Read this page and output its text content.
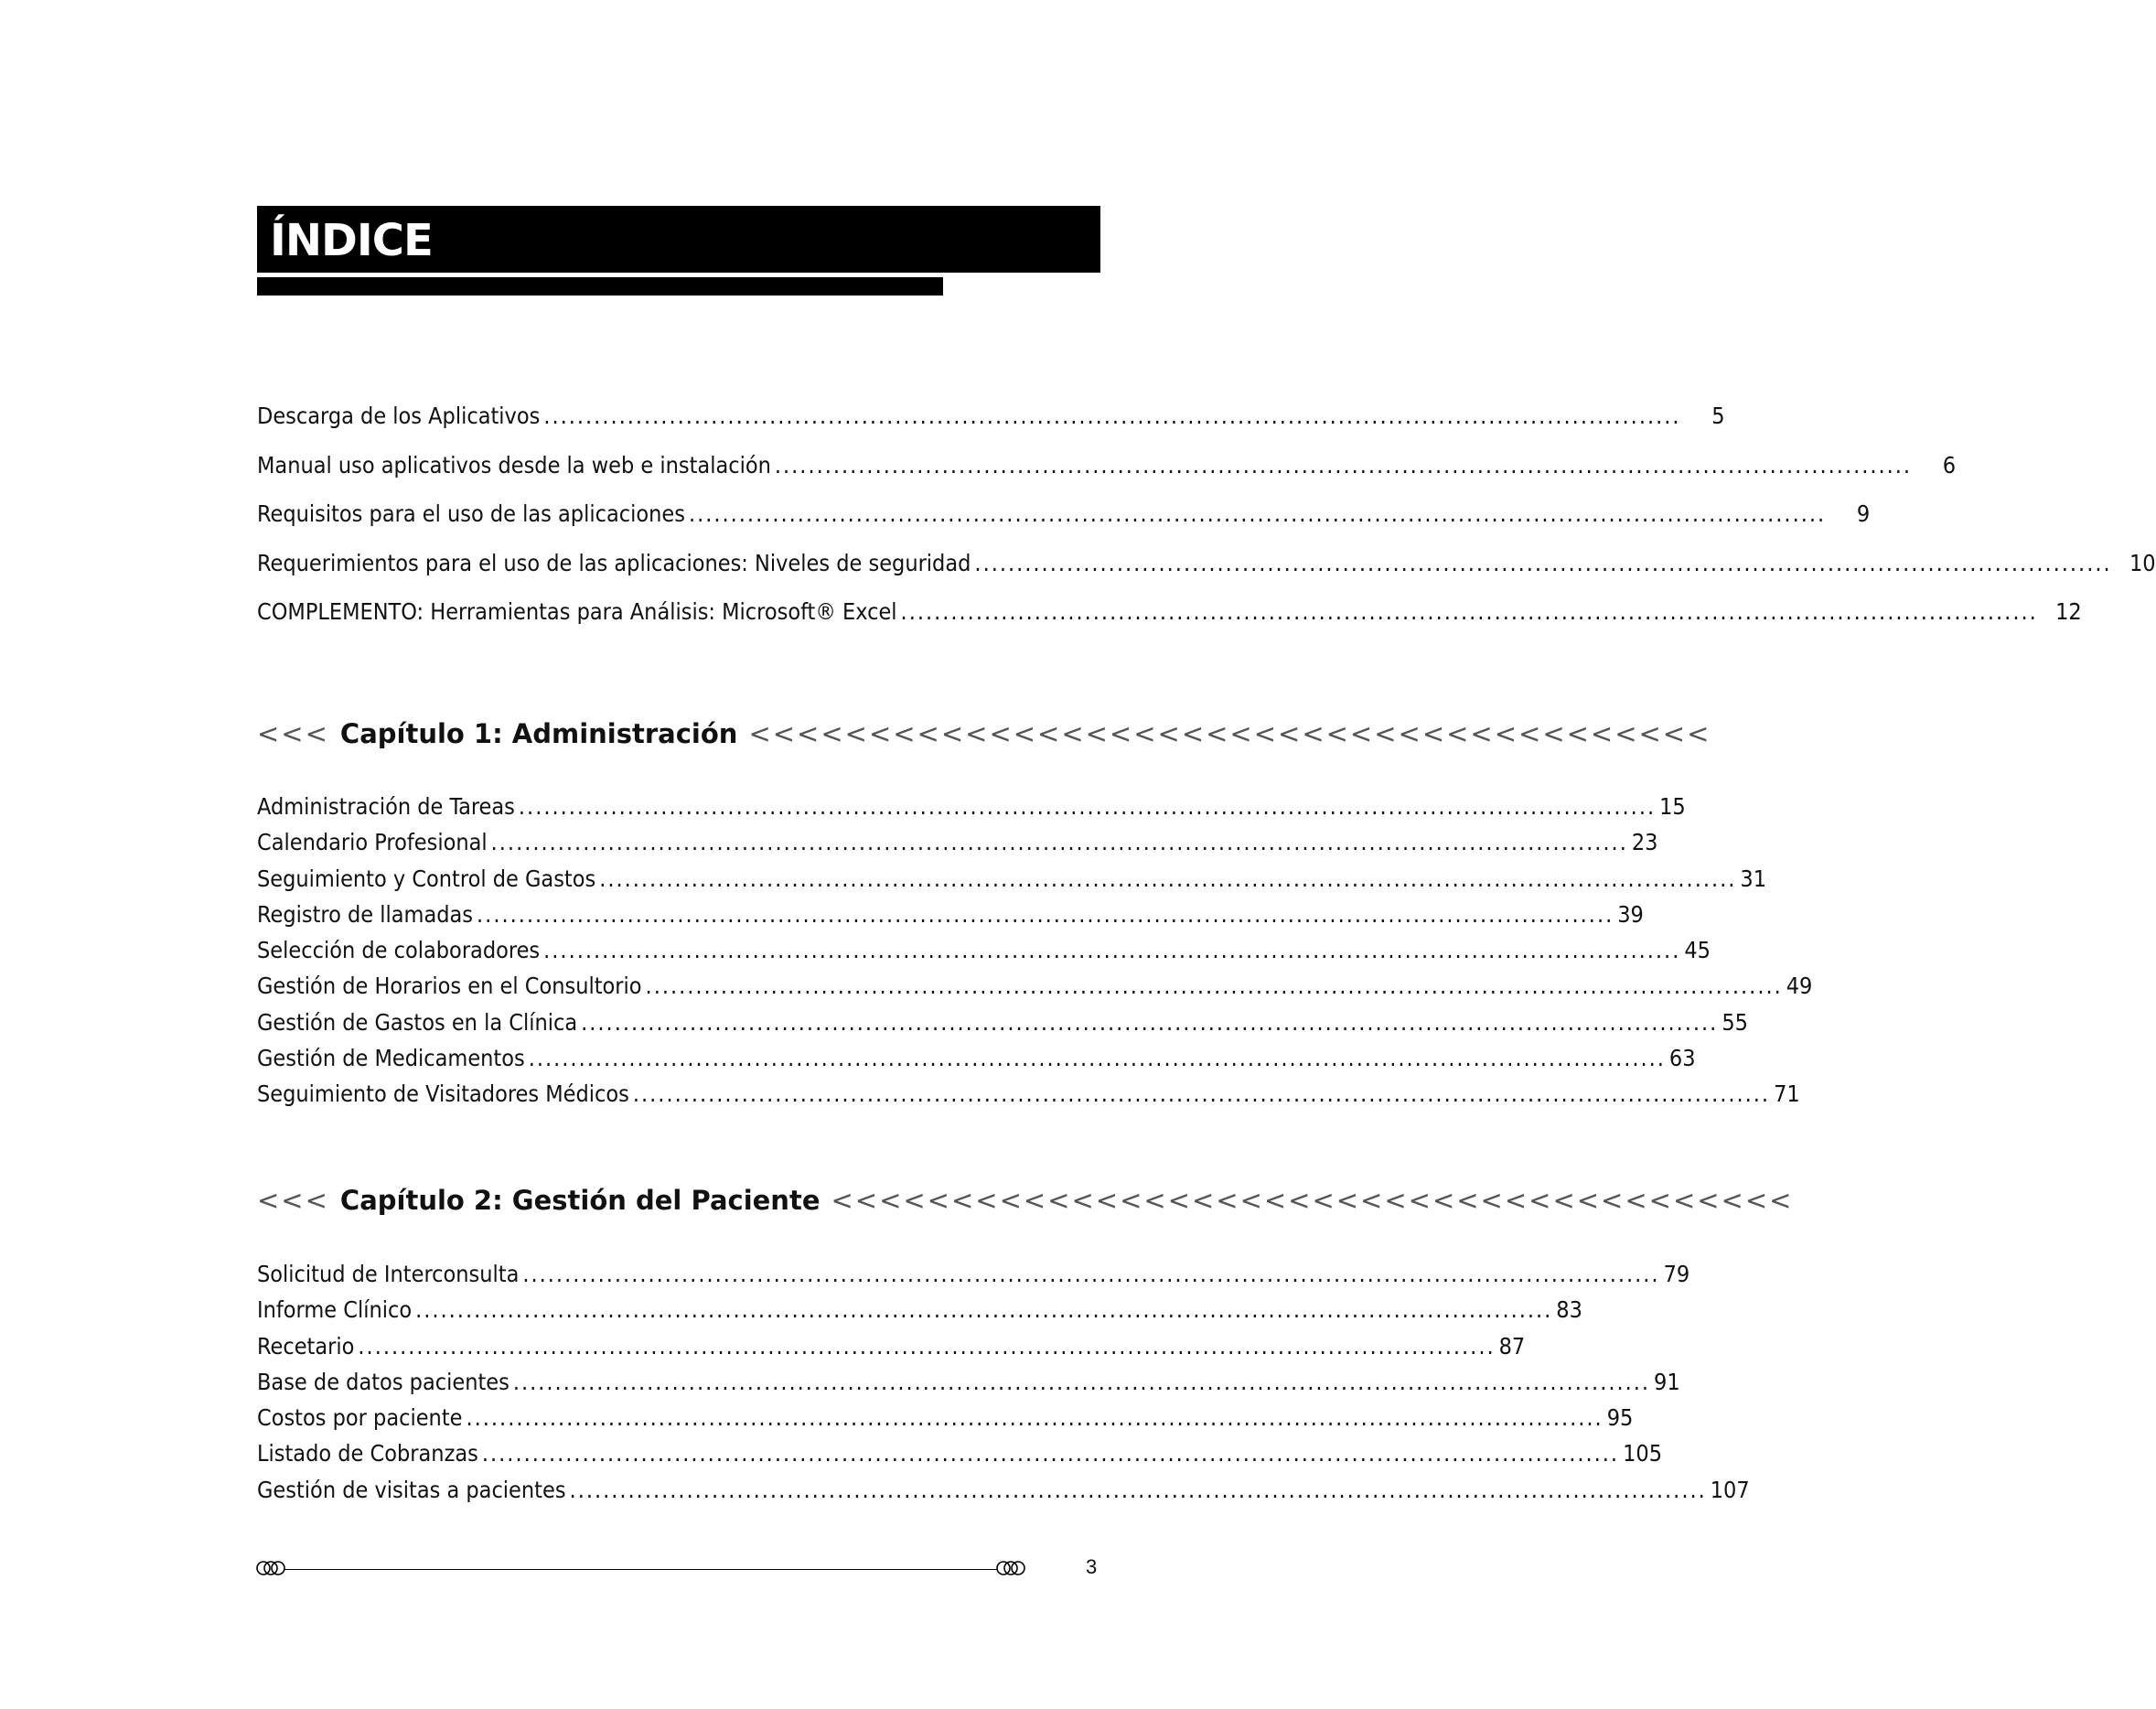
ÍNDICE
Descarga de los Aplicativos ........................................................................................................................................	5
Manual uso aplicativos desde la web e instalación ........................................................................................................................................	6
Requisitos para el uso de las aplicaciones ........................................................................................................................................	9
Requerimientos para el uso de las aplicaciones: Niveles de seguridad ........................................................................................................................................ 10
COMPLEMENTO: Herramientas para Análisis: Microsoft® Excel ........................................................................................................................................ 12
<<< Capítulo 1: Administración <<<<<<<<<<<<<<<<<<<<<<<<<<<<<<<<<<<<<<<<
Administración de Tareas ........................................................................................................................................ 15
Calendario Profesional ........................................................................................................................................ 23
Seguimiento y Control de Gastos ........................................................................................................................................ 31
Registro de llamadas ........................................................................................................................................ 39
Selección de colaboradores ........................................................................................................................................ 45
Gestión de Horarios en el Consultorio ........................................................................................................................................ 49
Gestión de Gastos en la Clínica ........................................................................................................................................ 55
Gestión de Medicamentos ........................................................................................................................................ 63
Seguimiento de Visitadores Médicos ........................................................................................................................................ 71
<<< Capítulo 2: Gestión del Paciente <<<<<<<<<<<<<<<<<<<<<<<<<<<<<<<<<<<<<<<<
Solicitud de Interconsulta ........................................................................................................................................ 79
Informe Clínico ........................................................................................................................................ 83
Recetario ........................................................................................................................................ 87
Base de datos pacientes ........................................................................................................................................ 91
Costos por paciente ........................................................................................................................................ 95
Listado de Cobranzas ........................................................................................................................................ 105
Gestión de visitas a pacientes ........................................................................................................................................ 107
3
